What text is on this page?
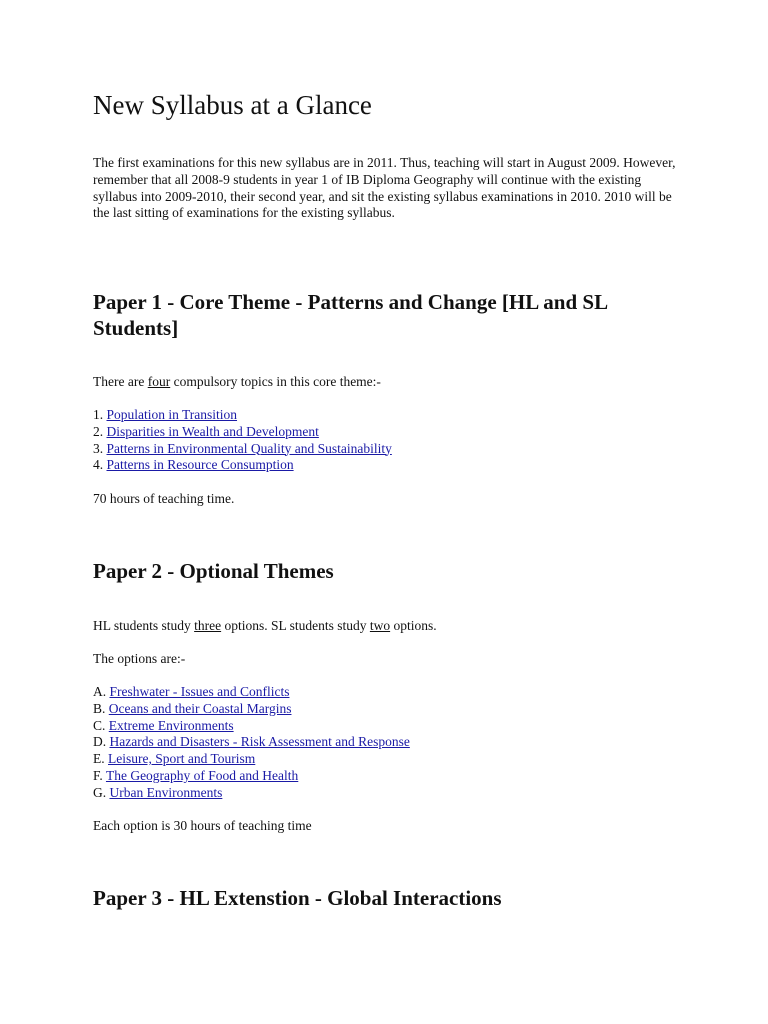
New Syllabus at a Glance

The first examinations for this new syllabus are in 2011. Thus, teaching will start in August 2009. However, remember that all 2008-9 students in year 1 of IB Diploma Geography will continue with the existing syllabus into 2009-2010, their second year, and sit the existing syllabus examinations in 2010. 2010 will be the last sitting of examinations for the existing syllabus.

Paper 1 - Core Theme - Patterns and Change [HL and SL Students]

There are four compulsory topics in this core theme:-

1. Population in Transition
2. Disparities in Wealth and Development
3. Patterns in Environmental Quality and Sustainability
4. Patterns in Resource Consumption

70 hours of teaching time.

Paper 2 - Optional Themes

HL students study three options. SL students study two options.

The options are:-

A. Freshwater - Issues and Conflicts
B. Oceans and their Coastal Margins
C. Extreme Environments
D. Hazards and Disasters - Risk Assessment and Response
E. Leisure, Sport and Tourism
F. The Geography of Food and Health
G. Urban Environments

Each option is 30 hours of teaching time

Paper 3 - HL Extenstion - Global Interactions
